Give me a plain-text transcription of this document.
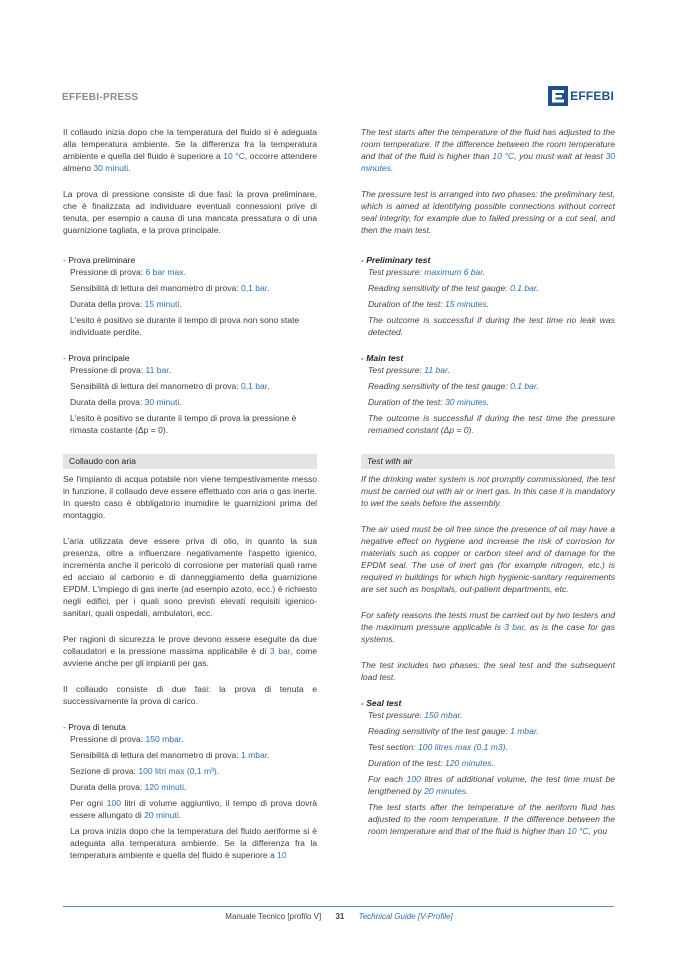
EFFEBI-PRESS	EFFEBI

Il collaudo inizia dopo che la temperatura del fluido si è adeguata alla temperatura ambiente. Se la differenza fra la temperatura ambiente e quella del fluido è superiore a 10 °C, occorre attendere almeno 30 minuti.

La prova di pressione consiste di due fasi: la prova preliminare, che è finalizzata ad individuare eventuali connessioni prive di tenuta, per esempio a causa di una mancata pressatura o di una guarnizione tagliata, e la prova principale.

- Prova preliminare

Pressione di prova: 6 bar max.

Sensibilità di lettura del manometro di prova: 0,1 bar.

Durata della prova: 15 minuti.

L'esito è positivo se durante il tempo di prova non sono state individuate perdite.

- Prova principale

Pressione di prova: 11 bar.

Sensibilità di lettura del manometro di prova: 0,1 bar.

Durata della prova: 30 minuti.

L'esito è positivo se durante il tempo di prova la pressione è rimasta costante (Δp = 0).

Collaudo con aria

Se l'impianto di acqua potabile non viene tempestivamente messo in funzione, il collaudo deve essere effettuato con aria o gas inerte. In questo caso è obbligatorio inumidire le guarnizioni prima del montaggio.

L'aria utilizzata deve essere priva di olio, in quanto la sua presenza, oltre a influenzare negativamente l'aspetto igienico, incrementa anche il pericolo di corrosione per materiali quali rame ed acciaio al carbonio e di danneggiamento della guarnizione EPDM. L'impiego di gas inerte (ad esempio azoto, ecc.) è richiesto negli edifici, per i quali sono previsti elevati requisiti igienico-sanitari, quali ospedali, ambulatori, ecc.

Per ragioni di sicurezza le prove devono essere eseguite da due collaudatori e la pressione massima applicabile è di 3 bar, come avviene anche per gli impianti per gas.

Il collaudo consiste di due fasi: la prova di tenuta e successivamente la prova di carico.

- Prova di tenuta

Pressione di prova: 150 mbar.

Sensibilità di lettura del manometro di prova: 1 mbar.

Sezione di prova: 100 litri max (0,1 m³).

Durata della prova: 120 minuti.

Per ogni 100 litri di volume aggiuntivo, il tempo di prova dovrà essere allungato di 20 minuti.

La prova inizia dopo che la temperatura del fluido aeriforme si è adeguata alla temperatura ambiente. Se la differenza fra la temperatura ambiente e quella del fluido è superiore a 10

The test starts after the temperature of the fluid has adjusted to the room temperature. If the difference between the room temperature and that of the fluid is higher than 10 °C, you must wait at least 30 minutes.

The pressure test is arranged into two phases: the preliminary test, which is aimed at identifying possible connections without correct seal integrity, for example due to failed pressing or a cut seal, and then the main test.

- Preliminary test

Test pressure: maximum 6 bar.

Reading sensitivity of the test gauge: 0.1 bar.

Duration of the test: 15 minutes.

The outcome is successful if during the test time no leak was detected.

- Main test

Test pressure: 11 bar.

Reading sensitivity of the test gauge: 0.1 bar.

Duration of the test: 30 minutes.

The outcome is successful if during the test time the pressure remained constant (Δp = 0).

Test with air

If the drinking water system is not promptly commissioned, the test must be carried out with air or inert gas. In this case it is mandatory to wet the seals before the assembly.

The air used must be oil free since the presence of oil may have a negative effect on hygiene and increase the risk of corrosion for materials such as copper or carbon steel and of damage for the EPDM seal. The use of inert gas (for example nitrogen, etc.) is required in buildings for which high hygienic-sanitary requirements are set such as hospitals, out-patient departments, etc.

For safety reasons the tests must be carried out by two testers and the maximum pressure applicable is 3 bar, as is the case for gas systems.

The test includes two phases: the seal test and the subsequent load test.

- Seal test

Test pressure: 150 mbar.

Reading sensitivity of the test gauge: 1 mbar.

Test section: 100 litres max (0.1 m3).

Duration of the test: 120 minutes.

For each 100 litres of additional volume, the test time must be lengthened by 20 minutes.

The test starts after the temperature of the aeriform fluid has adjusted to the room temperature. If the difference between the room temperature and that of the fluid is higher than 10 °C, you

Manuale Tecnico [profilo V] 31 Technical Guide [V-Profile]
